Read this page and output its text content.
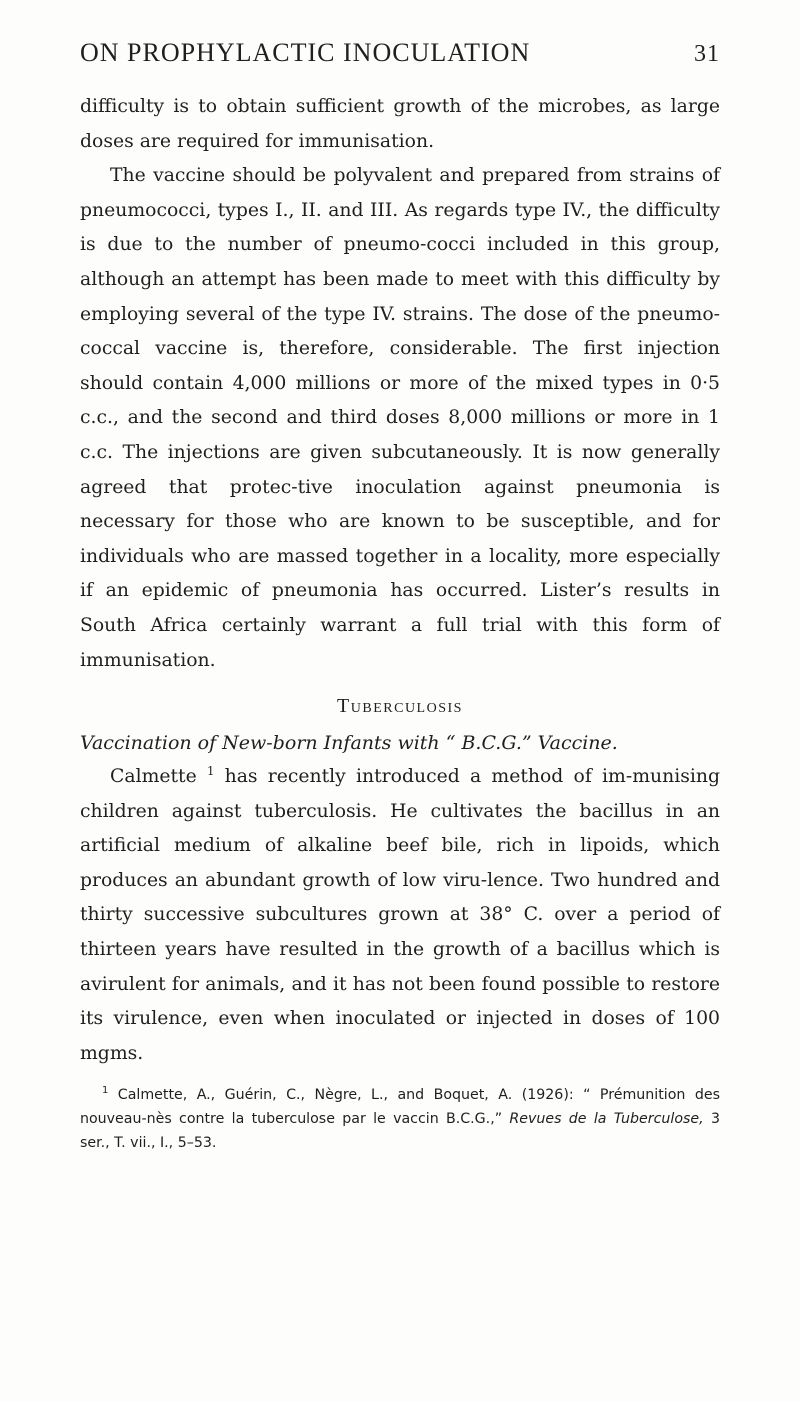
ON PROPHYLACTIC INOCULATION	31

difficulty is to obtain sufficient growth of the microbes, as large doses are required for immunisation.

The vaccine should be polyvalent and prepared from strains of pneumococci, types I., II. and III. As regards type IV., the difficulty is due to the number of pneumo-cocci included in this group, although an attempt has been made to meet with this difficulty by employing several of the type IV. strains. The dose of the pneumo-coccal vaccine is, therefore, considerable. The first injection should contain 4,000 millions or more of the mixed types in 0·5 c.c., and the second and third doses 8,000 millions or more in 1 c.c. The injections are given subcutaneously. It is now generally agreed that protec-tive inoculation against pneumonia is necessary for those who are known to be susceptible, and for individuals who are massed together in a locality, more especially if an epidemic of pneumonia has occurred. Lister’s results in South Africa certainly warrant a full trial with this form of immunisation.

Tuberculosis

Vaccination of New-born Infants with “ B.C.G.” Vaccine.

Calmette $^1$ has recently introduced a method of im-munising children against tuberculosis. He cultivates the bacillus in an artificial medium of alkaline beef bile, rich in lipoids, which produces an abundant growth of low viru-lence. Two hundred and thirty successive subcultures grown at 38° C. over a period of thirteen years have resulted in the growth of a bacillus which is avirulent for animals, and it has not been found possible to restore its virulence, even when inoculated or injected in doses of 100 mgms.

$^1$ Calmette, A., Guérin, C., Nègre, L., and Boquet, A. (1926): “ Prémunition des nouveau-nès contre la tuberculose par le vaccin B.C.G.,” Revues de la Tuberculose, 3 ser., T. vii., I., 5–53.
